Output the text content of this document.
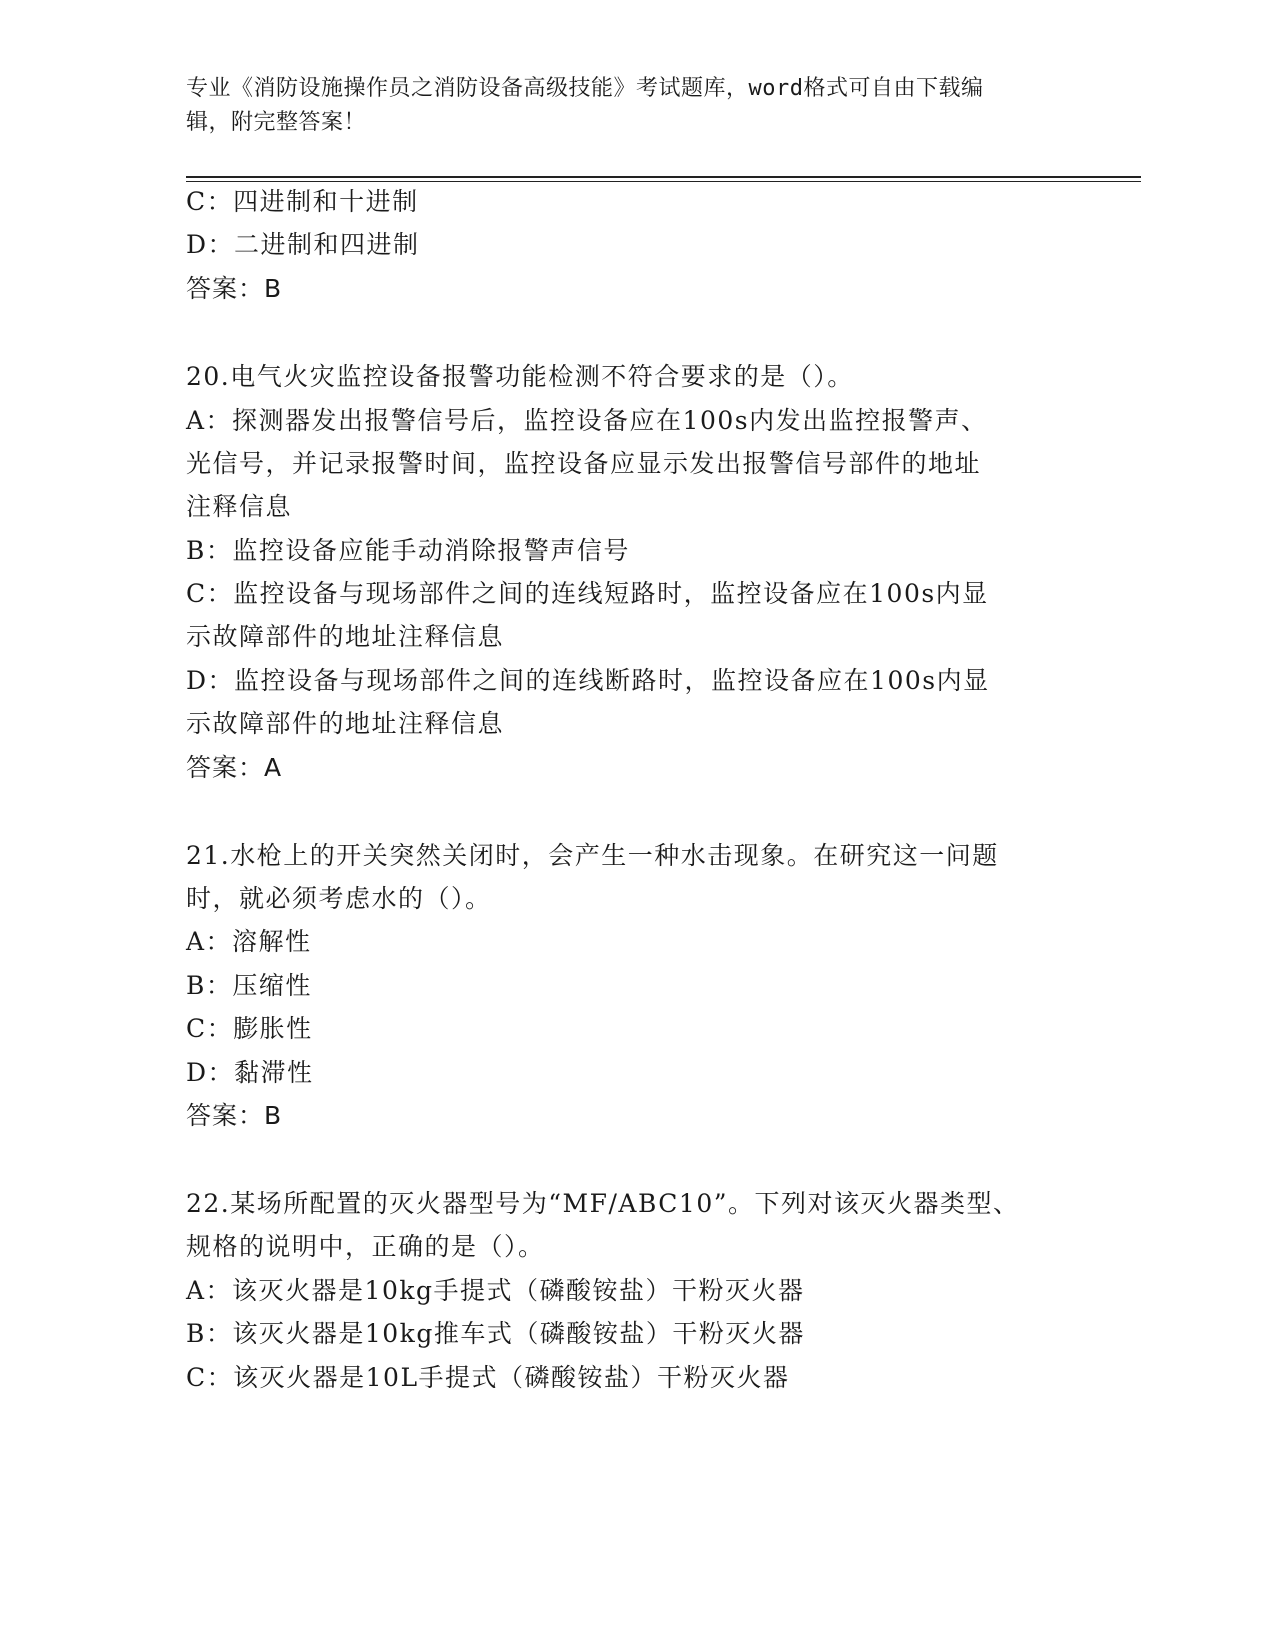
专业《消防设施操作员之消防设备高级技能》考试题库，word格式可自由下载编
辑，附完整答案！
C：四进制和十进制
D：二进制和四进制
答案：B
20.电气火灾监控设备报警功能检测不符合要求的是（）。
A：探测器发出报警信号后，监控设备应在100s内发出监控报警声、
光信号，并记录报警时间，监控设备应显示发出报警信号部件的地址
注释信息
B：监控设备应能手动消除报警声信号
C：监控设备与现场部件之间的连线短路时，监控设备应在100s内显
示故障部件的地址注释信息
D：监控设备与现场部件之间的连线断路时，监控设备应在100s内显
示故障部件的地址注释信息
答案：A
21.水枪上的开关突然关闭时，会产生一种水击现象。在研究这一问题
时，就必须考虑水的（）。
A：溶解性
B：压缩性
C：膨胀性
D：黏滞性
答案：B
22.某场所配置的灭火器型号为“MF/ABC10”。下列对该灭火器类型、
规格的说明中，正确的是（）。
A：该灭火器是10kg手提式（磷酸铵盐）干粉灭火器
B：该灭火器是10kg推车式（磷酸铵盐）干粉灭火器
C：该灭火器是10L手提式（磷酸铵盐）干粉灭火器
